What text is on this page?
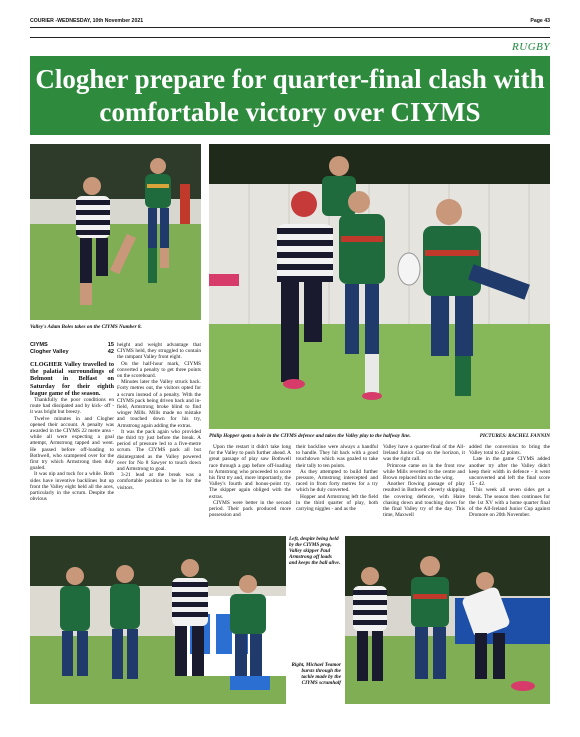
COURIER -WEDNESDAY, 10th November 2021	Page 43
RUGBY
Clogher prepare for quarter-final clash with comfortable victory over CIYMS
Valley's Adam Boles takes on the CIYMS Number 8.
Philip Hopper spots a hole in the CIYMS defence and takes the Valley play to the halfway line.	PICTURES: RACHEL FANNIN
CIYMS	15
Clogher Valley	42

CLOGHER Valley travelled to the palatial surroundings of Belmont in Belfast on Saturday for their eighth league game of the season.

Thankfully the poor conditions en route had dissipated and by kick- off - it was bright but breezy.

Twelve minutes in and Clogher opened their account. A penalty was awarded in the CIYMS 22 metre area - while all were expecting a goal attempt, Armstrong tapped and went. He passed before off-loading to Bothwell, who scampered over for the first try which Armstrong then duly goaled.

It was nip and tuck for a while. Both sides have inventive backlines but up front the Valley eight held all the aces, particularly in the scrum. Despite the obvious

height and weight advantage that CIYMS held, they struggled to contain the rampant Valley front eight.

On the half-hour mark, CIYMS converted a penalty to get three points on the scoreboard.

Minutes later the Valley struck back. Forty metres out, the visitors opted for a scrum instead of a penalty. With the CIYMS pack being driven back and in-field, Armstrong broke blind to find winger Mills. Mills made no mistake and touched down for his try, Armstrong again adding the extras.

It was the pack again who provided the third try just before the break. A period of pressure led to a five-metre scrum. The CIYMS pack all but disintegrated as the Valley powered over for No 8 Sawyer to touch down and Armstrong to goal.

3-21 lead at the break was a comfortable position to be in for the visitors.

Upon the restart it didn't take long for the Valley to push further ahead. A great passage of play saw Bothwell race through a gap before off-loading to Armstrong who proceeded to score his first try and, more importantly, the Valley's fourth and bonus-point try. The skipper again obliged with the extras.

CIYMS were better in the second period. Their pack produced more possession and

their backline were always a handful to handle. They hit back with a good touchdown which was goaled to take their tally to ten points.

As they attempted to build further pressure, Armstrong intercepted and raced in from forty metres for a try which he duly converted.

Hopper and Armstrong left the field in the third quarter of play, both carrying niggles - and as the

Valley have a quarter-final of the All-Ireland Junior Cup on the horizon, it was the right call.

Primrose came on in the front row while Mills reverted to the centre and Brown replaced him on the wing.

Another flowing passage of play resulted in Bothwell cleverly skipping the covering defence, with Haire chasing down and touching down for the final Valley try of the day. This time, Maxwell

added the conversion to bring the Valley total to 42 points.

Late in the game CIYMS added another try after the Valley didn't keep their width in defence - it went unconverted and left the final score 15 - 42.

This week all seven sides get a break. The season then continues for the 1st XV with a home quarter final of the All-Ireland Junior Cup against Dromore on 20th November.

Left, despite being held by the CIYMS prop, Valley skipper Paul Armstrong off loads and keeps the ball alive.
Right, Michael Teamor bursts through the tackle made by the CIYMS scrumhalf
